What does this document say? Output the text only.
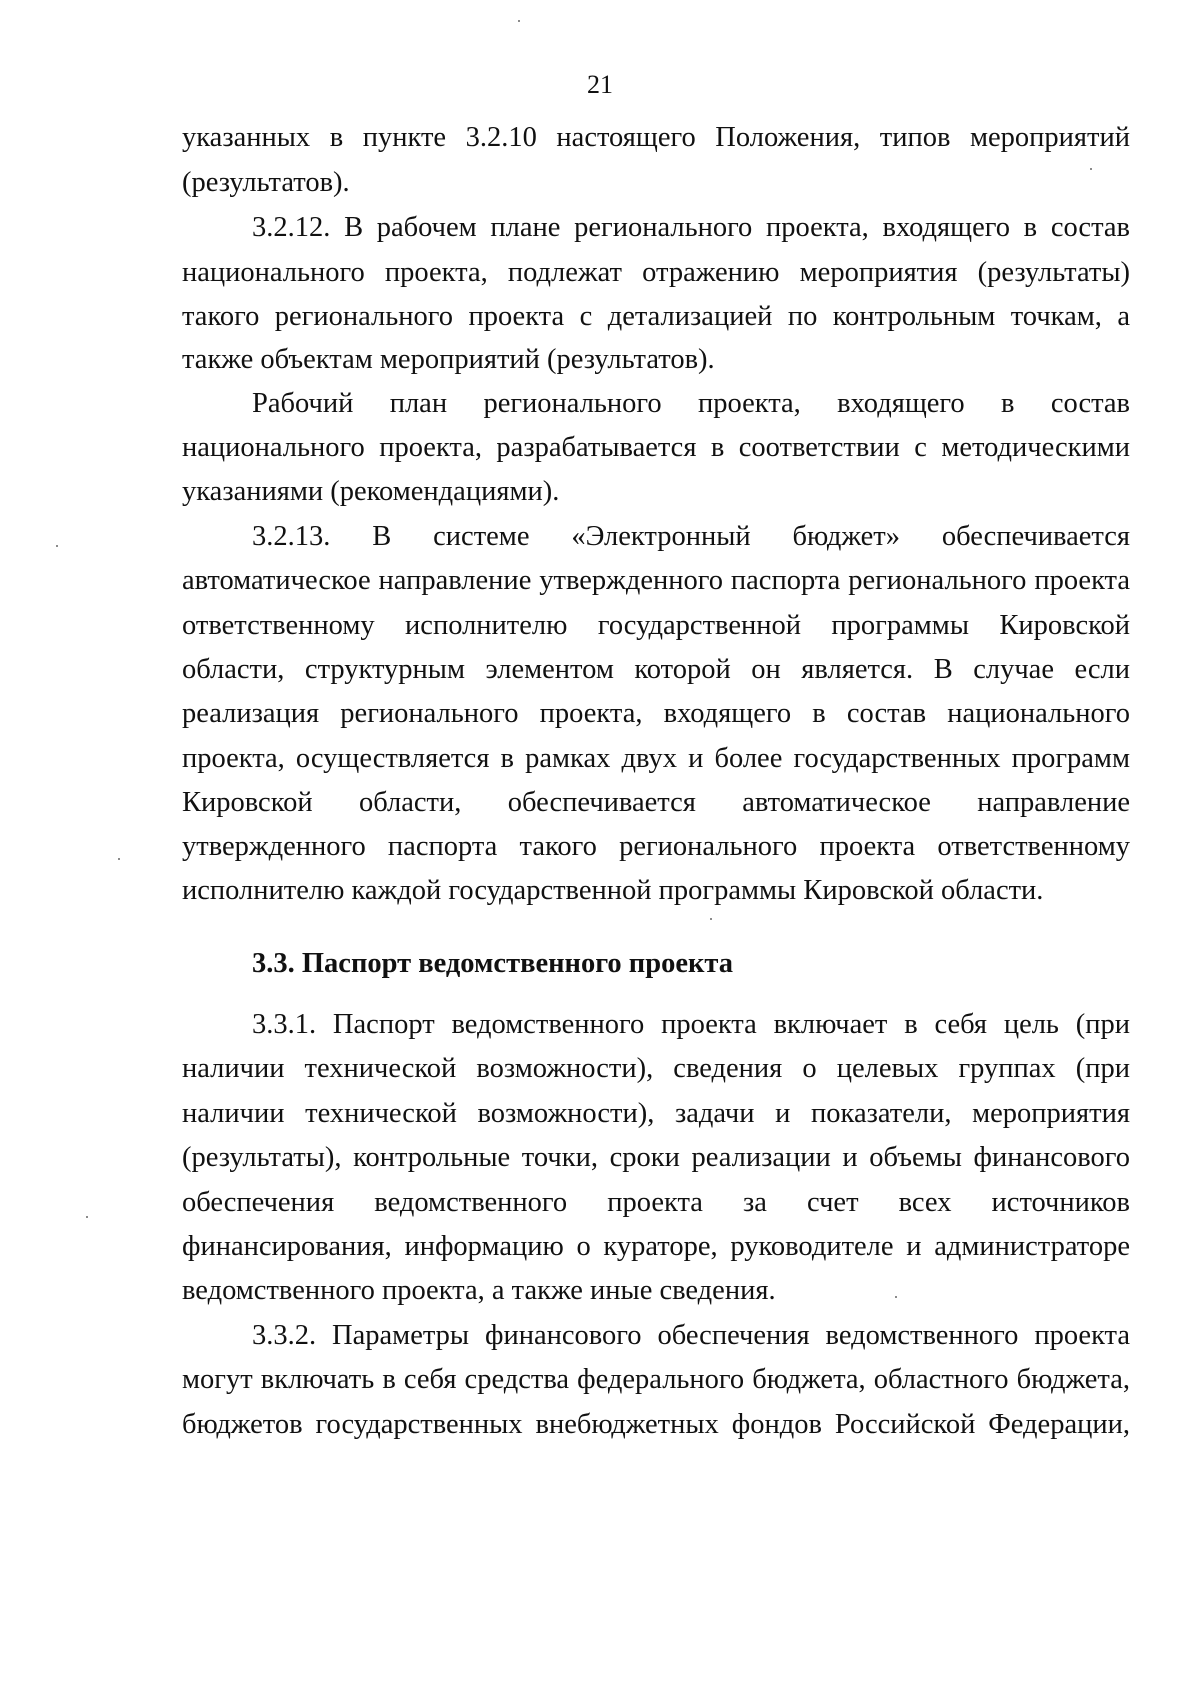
21
указанных в пункте 3.2.10 настоящего Положения, типов мероприятий
(результатов).
3.2.12. В рабочем плане регионального проекта, входящего в состав
национального проекта, подлежат отражению мероприятия (результаты)
такого регионального проекта с детализацией по контрольным точкам, а
также объектам мероприятий (результатов).
Рабочий план регионального проекта, входящего в состав
национального проекта, разрабатывается в соответствии с методическими
указаниями (рекомендациями).
3.2.13. В системе «Электронный бюджет» обеспечивается
автоматическое направление утвержденного паспорта регионального проекта
ответственному исполнителю государственной программы Кировской
области, структурным элементом которой он является. В случае если
реализация регионального проекта, входящего в состав национального
проекта, осуществляется в рамках двух и более государственных программ
Кировской области, обеспечивается автоматическое направление
утвержденного паспорта такого регионального проекта ответственному
исполнителю каждой государственной программы Кировской области.
3.3. Паспорт ведомственного проекта
3.3.1. Паспорт ведомственного проекта включает в себя цель (при
наличии технической возможности), сведения о целевых группах (при
наличии технической возможности), задачи и показатели, мероприятия
(результаты), контрольные точки, сроки реализации и объемы финансового
обеспечения ведомственного проекта за счет всех источников
финансирования, информацию о кураторе, руководителе и администраторе
ведомственного проекта, а также иные сведения.
3.3.2. Параметры финансового обеспечения ведомственного проекта
могут включать в себя средства федерального бюджета, областного бюджета,
бюджетов государственных внебюджетных фондов Российской Федерации,
